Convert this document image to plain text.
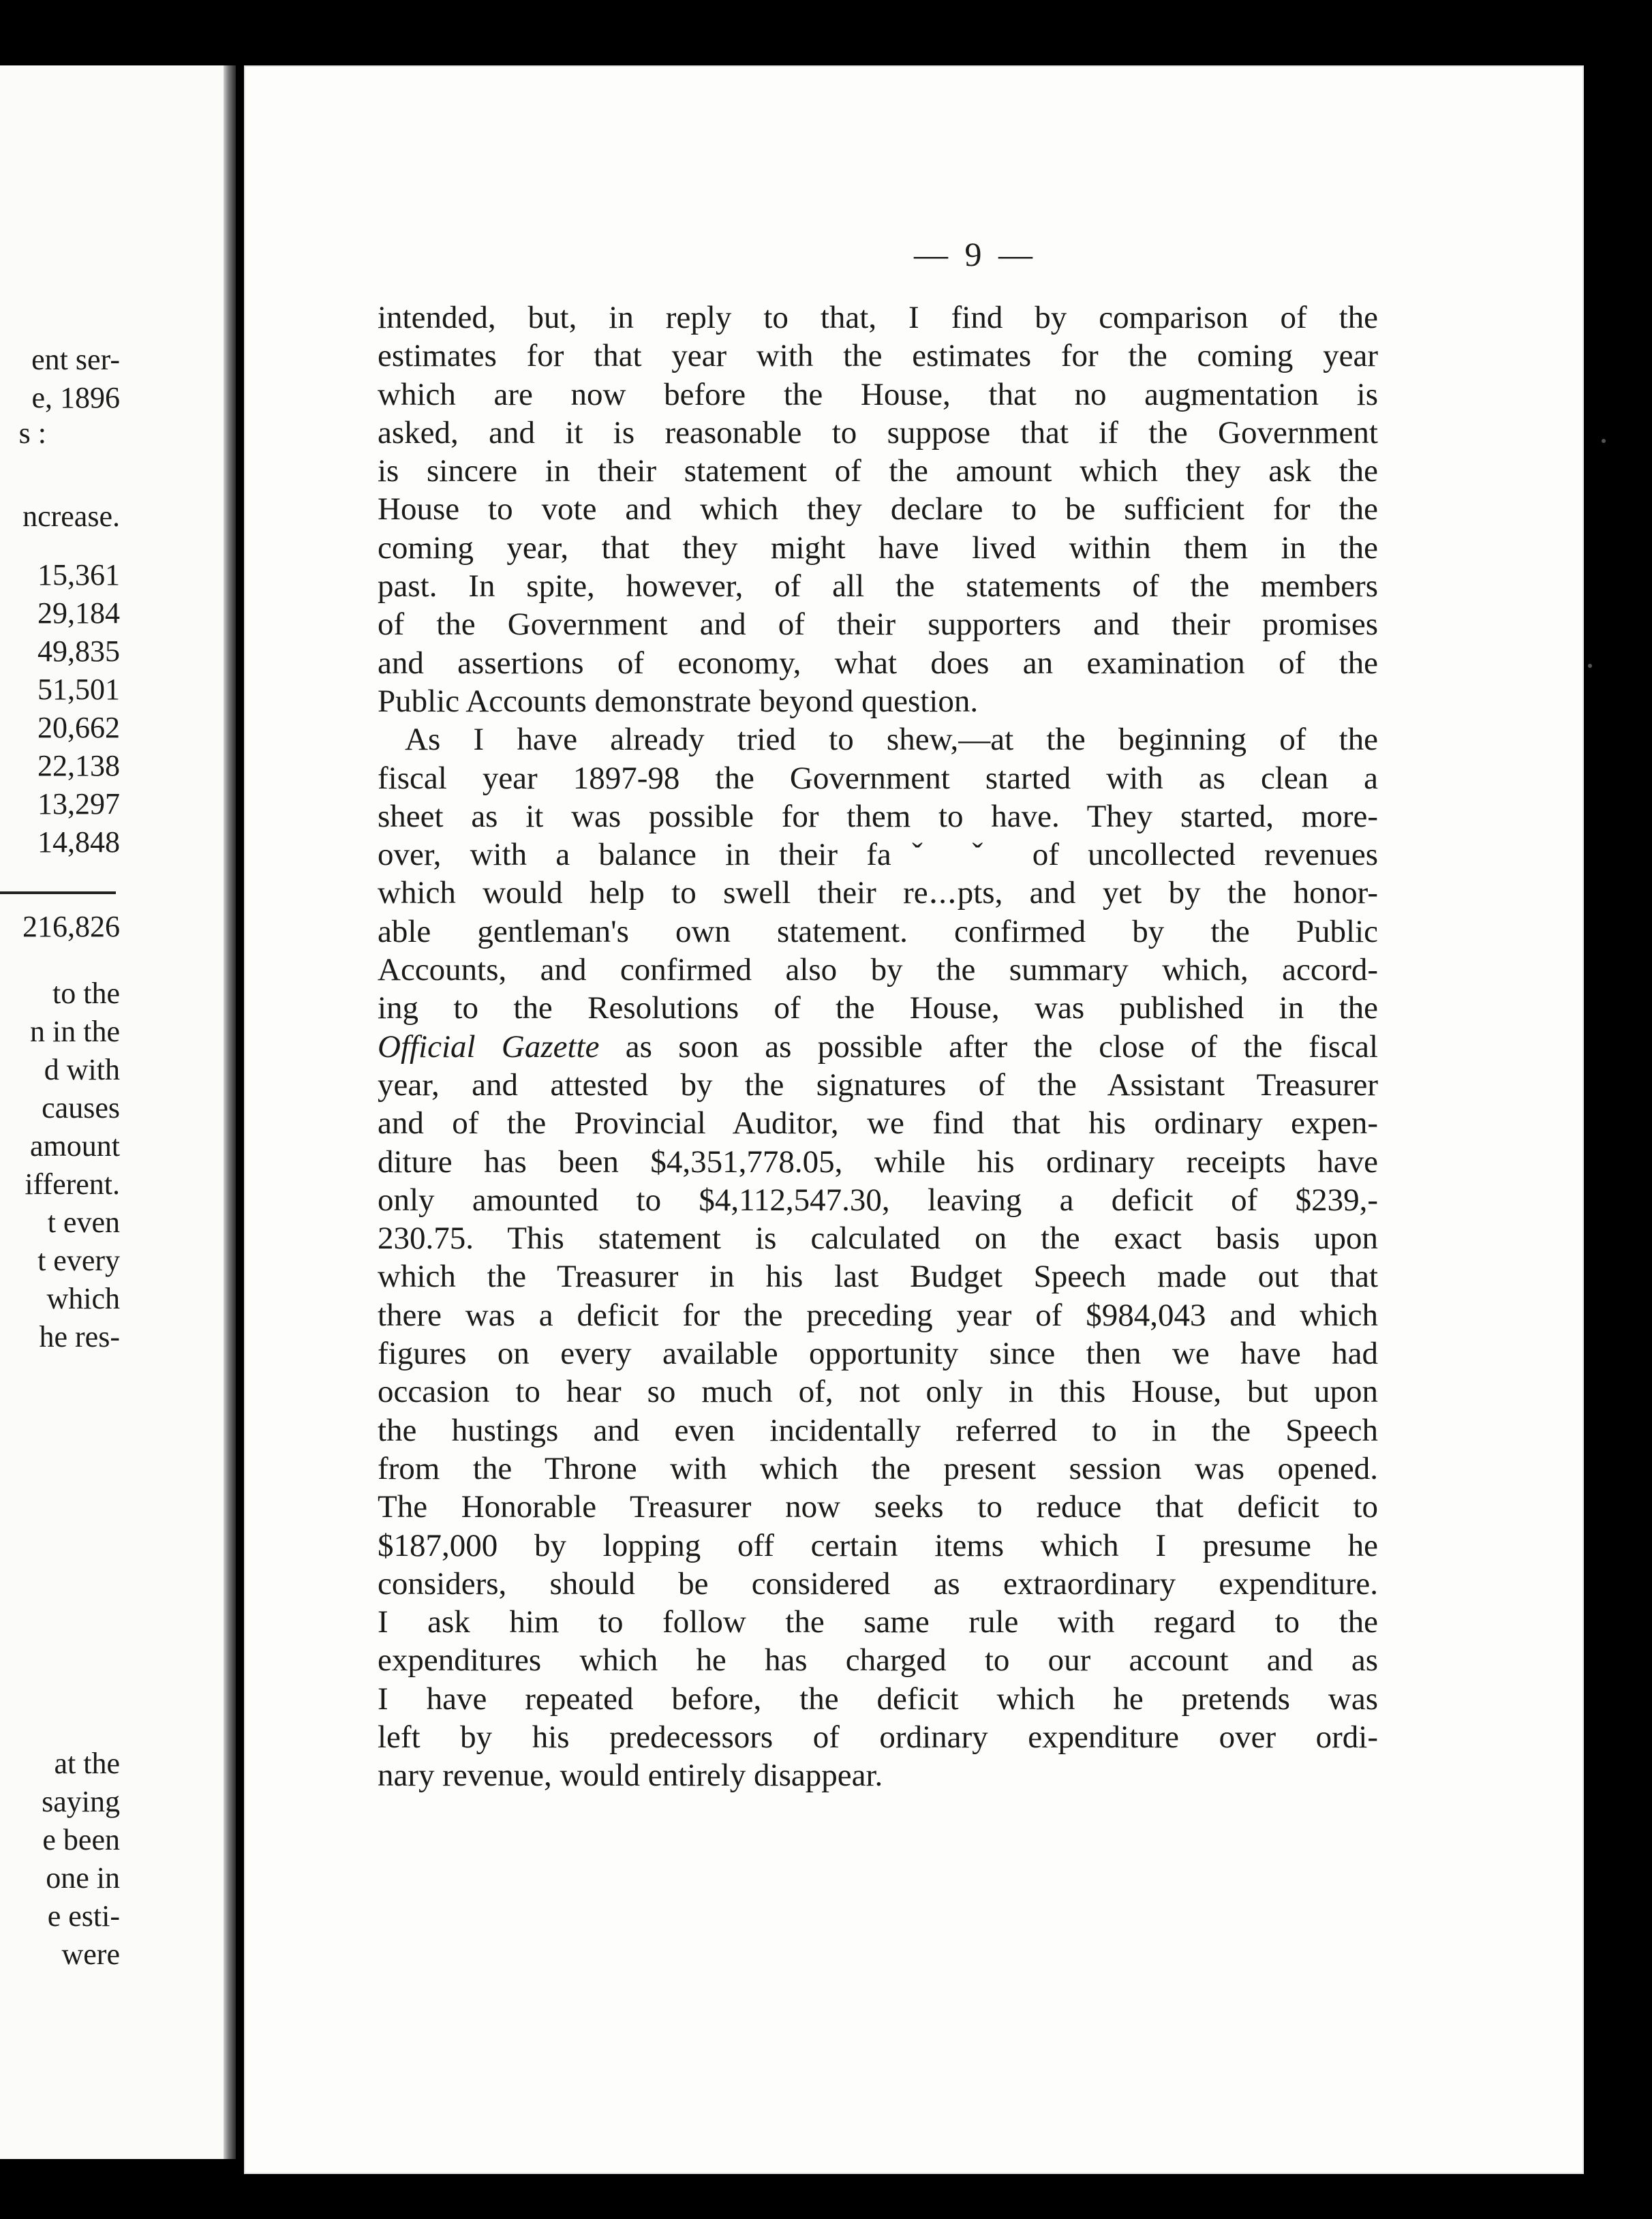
ent ser-
e, 1896
s :
ncrease.
15,361
29,184
49,835
51,501
20,662
22,138
13,297
14,848
216,826
to the
n in the
d with
causes
amount
ifferent.
t even
t every
which
he res-
at the
saying
e been
one in
e esti-
were
— 9 —
intended, but, in reply to that, I find by comparison of the
estimates for that year with the estimates for the coming year
which are now before the House, that no augmentation is
asked, and it is reasonable to suppose that if the Government
is sincere in their statement of the amount which they ask the
House to vote and which they declare to be sufficient for the
coming year, that they might have lived within them in the
past. In spite, however, of all the statements of the members
of the Government and of their supporters and their promises
and assertions of economy, what does an examination of the
Public Accounts demonstrate beyond question.
As I have already tried to shew,—at the beginning of the
fiscal year 1897-98 the Government started with as clean a
sheet as it was possible for them to have. They started, more-
over, with a balance in their faˇ ˇ of uncollected revenues
which would help to swell their re․.․pts, and yet by the honor-
able gentleman's own statement. confirmed by the Public
Accounts, and confirmed also by the summary which, accord-
ing to the Resolutions of the House, was published in the
Official Gazette as soon as possible after the close of the fiscal
year, and attested by the signatures of the Assistant Treasurer
and of the Provincial Auditor, we find that his ordinary expen-
diture has been $4,351,778.05, while his ordinary receipts have
only amounted to $4,112,547.30, leaving a deficit of $239,-
230.75. This statement is calculated on the exact basis upon
which the Treasurer in his last Budget Speech made out that
there was a deficit for the preceding year of $984,043 and which
figures on every available opportunity since then we have had
occasion to hear so much of, not only in this House, but upon
the hustings and even incidentally referred to in the Speech
from the Throne with which the present session was opened.
The Honorable Treasurer now seeks to reduce that deficit to
$187,000 by lopping off certain items which I presume he
considers, should be considered as extraordinary expenditure.
I ask him to follow the same rule with regard to the
expenditures which he has charged to our account and as
I have repeated before, the deficit which he pretends was
left by his predecessors of ordinary expenditure over ordi-
nary revenue, would entirely disappear.
